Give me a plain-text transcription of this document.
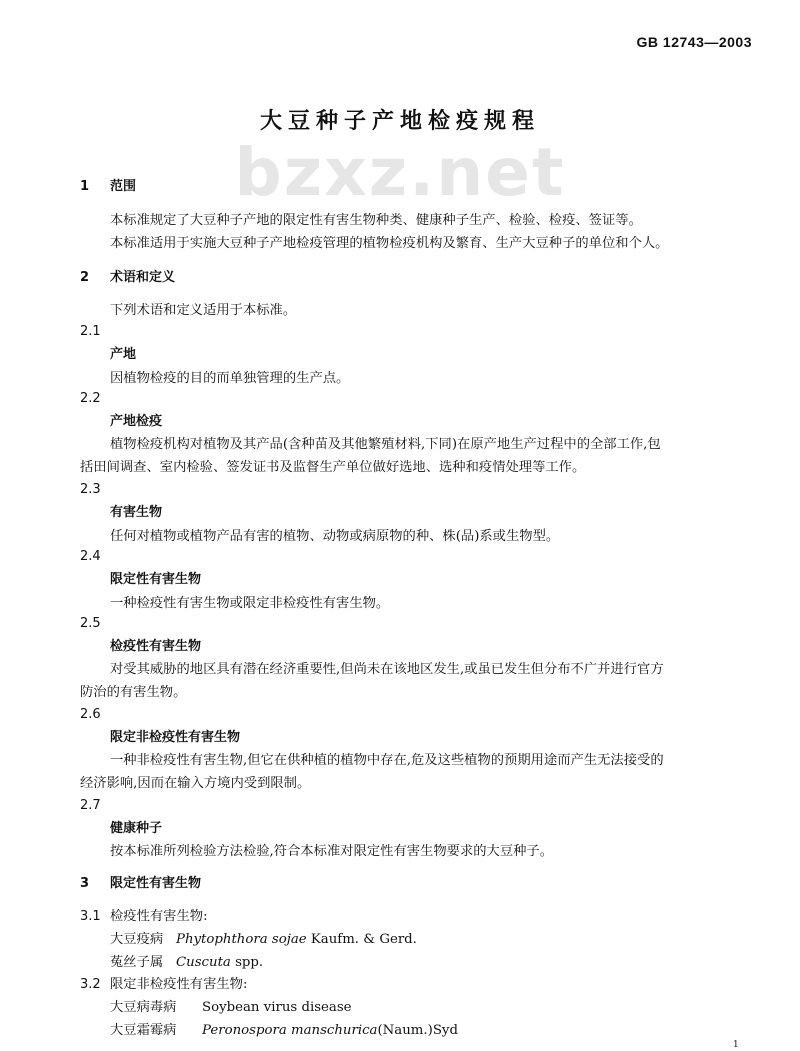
GB 12743—2003
bzxz.net
大豆种子产地检疫规程
1 范围
本标准规定了大豆种子产地的限定性有害生物种类、健康种子生产、检验、检疫、签证等。
本标准适用于实施大豆种子产地检疫管理的植物检疫机构及繁育、生产大豆种子的单位和个人。
2 术语和定义
下列术语和定义适用于本标准。
2.1
产地
因植物检疫的目的而单独管理的生产点。
2.2
产地检疫
植物检疫机构对植物及其产品(含种苗及其他繁殖材料,下同)在原产地生产过程中的全部工作,包
括田间调查、室内检验、签发证书及监督生产单位做好选地、选种和疫情处理等工作。
2.3
有害生物
任何对植物或植物产品有害的植物、动物或病原物的种、株(品)系或生物型。
2.4
限定性有害生物
一种检疫性有害生物或限定非检疫性有害生物。
2.5
检疫性有害生物
对受其威胁的地区具有潜在经济重要性,但尚未在该地区发生,或虽已发生但分布不广并进行官方
防治的有害生物。
2.6
限定非检疫性有害生物
一种非检疫性有害生物,但它在供种植的植物中存在,危及这些植物的预期用途而产生无法接受的
经济影响,因而在输入方境内受到限制。
2.7
健康种子
按本标准所列检验方法检验,符合本标准对限定性有害生物要求的大豆种子。
3 限定性有害生物
3.1 检疫性有害生物:
大豆疫病 Phytophthora sojae Kaufm. & Gerd.
菟丝子属 Cuscuta spp.
3.2 限定非检疫性有害生物:
大豆病毒病 Soybean virus disease
大豆霜霉病 Peronospora manschurica(Naum.)Syd
1
